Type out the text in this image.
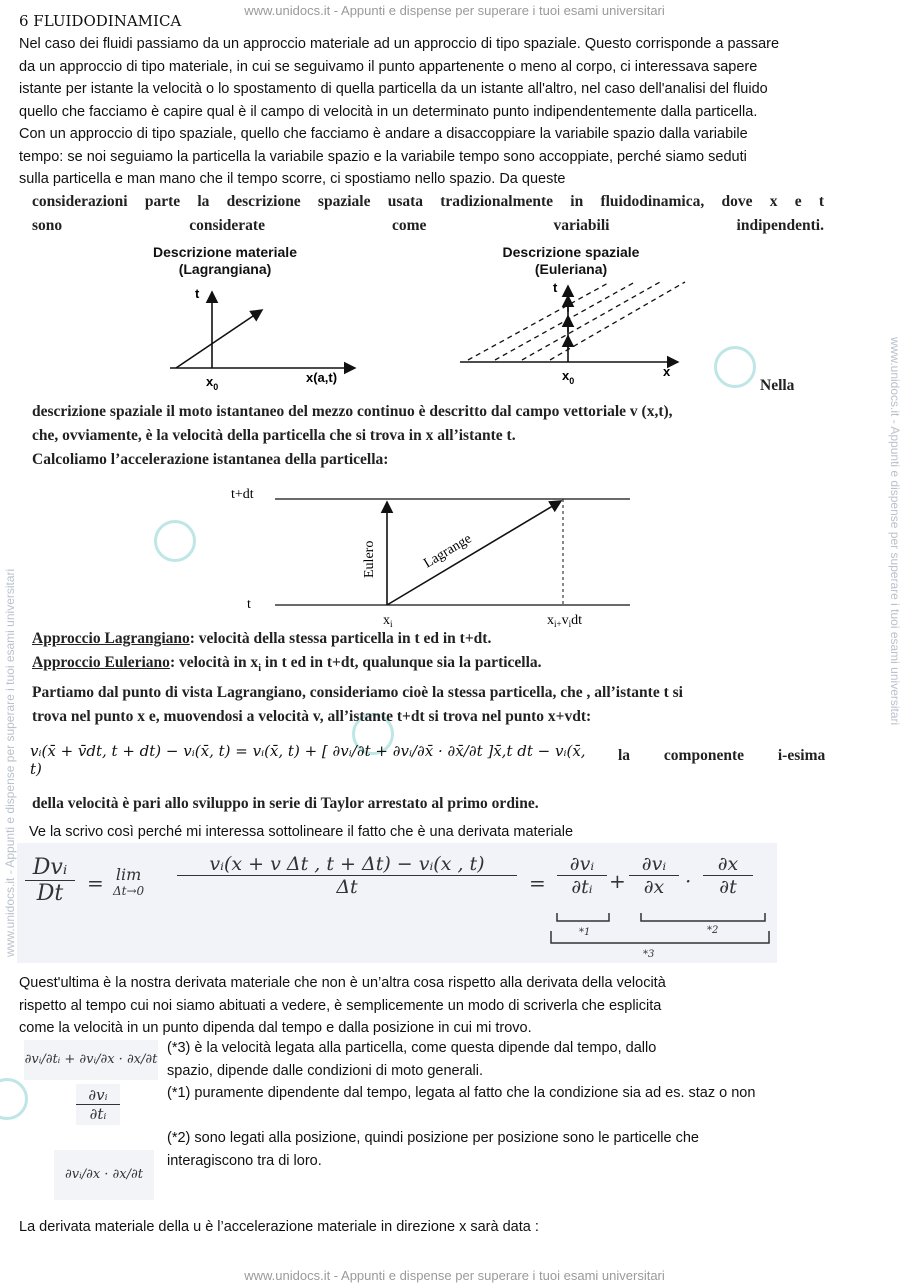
www.unidocs.it - Appunti e dispense per superare i tuoi esami universitari
www.unidocs.it - Appunti e dispense per superare i tuoi esami universitari
www.unidocs.it - Appunti e dispense per superare i tuoi esami universitari
www.unidocs.it - Appunti e dispense per superare i tuoi esami universitari
6 FLUIDODINAMICA
Nel caso dei fluidi passiamo da un approccio materiale ad un approccio di tipo spaziale. Questo corrisponde a passare
da un approccio di tipo materiale, in cui se seguivamo il punto appartenente o meno al corpo, ci interessava sapere
istante per istante la velocità o lo spostamento di quella particella da un istante all'altro, nel caso dell'analisi del fluido
quello che facciamo è capire qual è il campo di velocità in un determinato punto indipendentemente dalla particella.
Con un approccio di tipo spaziale, quello che facciamo è andare a disaccoppiare la variabile spazio dalla variabile
tempo: se noi seguiamo la particella la variabile spazio e la variabile tempo sono accoppiate, perché siamo seduti
sulla particella e man mano che il tempo scorre, ci spostiamo nello spazio. Da queste
considerazioni parte la descrizione spaziale usata tradizionalmente in fluidodinamica, dove x e t
sono	considerate	come	variabili	indipendenti.
Descrizione materiale
(Lagrangiana)
t
$x_0$
x(a,t)
Descrizione spaziale
(Euleriana)
t
$x_0$
x
Nella
descrizione spaziale il moto istantaneo del mezzo continuo è descritto dal campo vettoriale v (x,t),
che, ovviamente, è la velocità della particella che si trova in x all’istante t.
Calcoliamo l’accelerazione istantanea della particella:
t+dt
t
Eulero	Lagrange
$x_i$	$x_{i+}v_idt$
Approccio Lagrangiano: velocità della stessa particella in t ed in t+dt.
Approccio Euleriano: velocità in $x_i$ in t ed in t+dt, qualunque sia la particella.
Partiamo dal punto di vista Lagrangiano, consideriamo cioè la stessa particella, che , all’istante t si
trova nel punto x e, muovendosi a velocità v, all’istante t+dt si trova nel punto x+vdt:
vᵢ(x̄ + v̄dt, t + dt) − vᵢ(x̄, t) = vᵢ(x̄, t) + [ ∂vᵢ/∂t + ∂vᵢ/∂x̄ · ∂x̄/∂t ]x̄,t dt − vᵢ(x̄, t)
la componente i-esima
della velocità è pari allo sviluppo in serie di Taylor arrestato al primo ordine.
Ve la scrivo così perché mi interessa sottolineare il fatto che è una derivata materiale
Dvᵢ
Dt	= lim
$\Delta t\to 0 \frac{\text{vᵢ(x + v Δt , t + Δt) − vᵢ(x , t)}}{\Delta t} = \frac{\text{∂vᵢ}}{\text{∂tᵢ}} + \frac{\text{∂vᵢ}}{\partial x} \cdot \frac{\partial x}{\partial t}$
*1	*2
*3
Quest'ultima è la nostra derivata materiale che non è un’altra cosa rispetto alla derivata della velocità
rispetto al tempo cui noi siamo abituati a vedere, è semplicemente un modo di scriverla che esplicita
come la velocità in un punto dipenda dal tempo e dalla posizione in cui mi trovo.
∂vᵢ/∂tᵢ + ∂vᵢ/∂x · ∂x/∂t
$\frac{\text{∂vᵢ}}{\text{∂tᵢ}}$
∂vᵢ/∂x · ∂x/∂t
(*3) è la velocità legata alla particella, come questa dipende dal tempo, dallo
spazio, dipende dalle condizioni di moto generali.
(*1) puramente dipendente dal tempo, legata al fatto che la condizione sia ad es. staz o non
(*2) sono legati alla posizione, quindi posizione per posizione sono le particelle che
interagiscono tra di loro.
La derivata materiale della u è l’accelerazione materiale in direzione x sarà data :
